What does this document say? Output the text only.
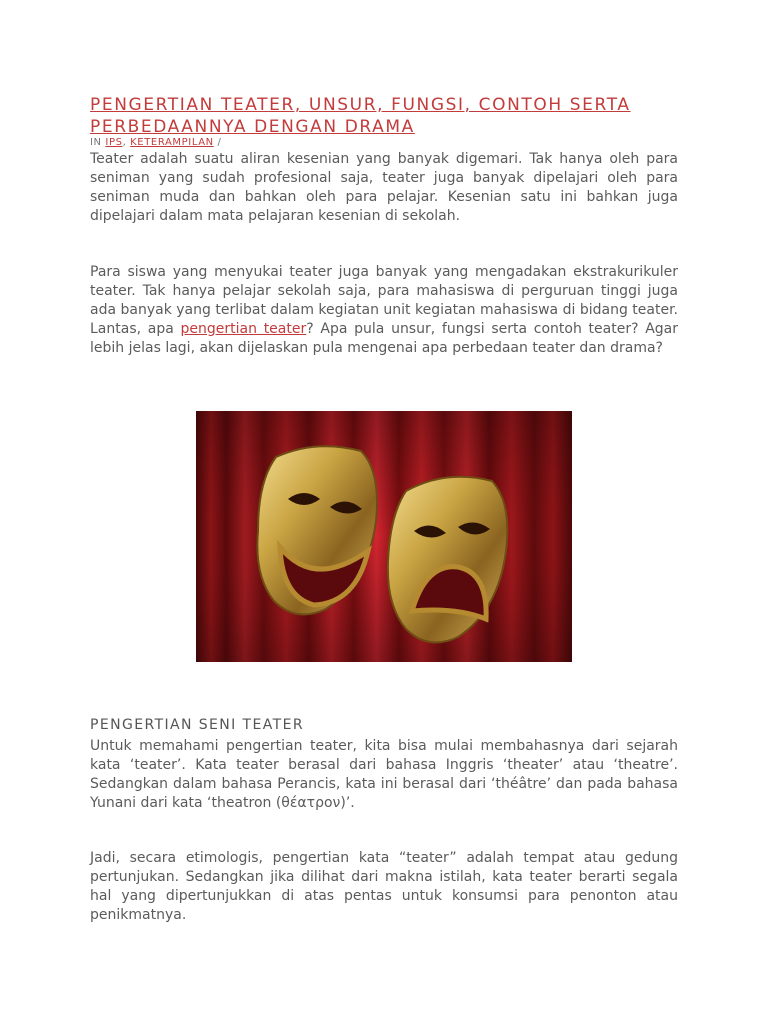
PENGERTIAN TEATER, UNSUR, FUNGSI, CONTOH SERTA
PERBEDAANNYA DENGAN DRAMA
IN IPS, KETERAMPILAN /

Teater adalah suatu aliran kesenian yang banyak digemari. Tak hanya oleh para seniman yang sudah profesional saja, teater juga banyak dipelajari oleh para seniman muda dan bahkan oleh para pelajar. Kesenian satu ini bahkan juga dipelajari dalam mata pelajaran kesenian di sekolah.

Para siswa yang menyukai teater juga banyak yang mengadakan ekstrakurikuler teater. Tak hanya pelajar sekolah saja, para mahasiswa di perguruan tinggi juga ada banyak yang terlibat dalam kegiatan unit kegiatan mahasiswa di bidang teater. Lantas, apa pengertian teater? Apa pula unsur, fungsi serta contoh teater? Agar lebih jelas lagi, akan dijelaskan pula mengenai apa perbedaan teater dan drama?

PENGERTIAN SENI TEATER

Untuk memahami pengertian teater, kita bisa mulai membahasnya dari sejarah kata ‘teater’. Kata teater berasal dari bahasa Inggris ‘theater’ atau ‘theatre’. Sedangkan dalam bahasa Perancis, kata ini berasal dari ‘théâtre’ dan pada bahasa Yunani dari kata ‘theatron (θέατρον)’.

Jadi, secara etimologis, pengertian kata “teater” adalah tempat atau gedung pertunjukan. Sedangkan jika dilihat dari makna istilah, kata teater berarti segala hal yang dipertunjukkan di atas pentas untuk konsumsi para penonton atau penikmatnya.
